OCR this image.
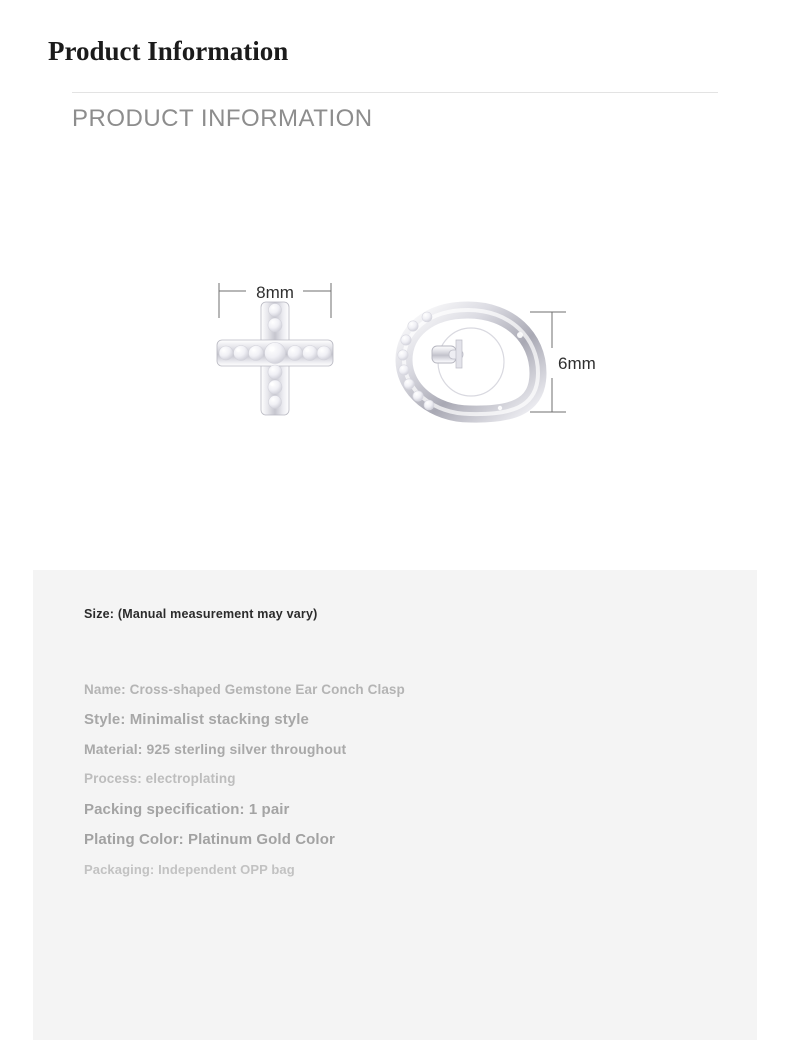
Product Information
PRODUCT INFORMATION
8mm
6mm
Size: (Manual measurement may vary)
Name: Cross-shaped Gemstone Ear Conch Clasp
Style: Minimalist stacking style
Material: 925 sterling silver throughout
Process: electroplating
Packing specification: 1 pair
Plating Color: Platinum Gold Color
Packaging: Independent OPP bag
